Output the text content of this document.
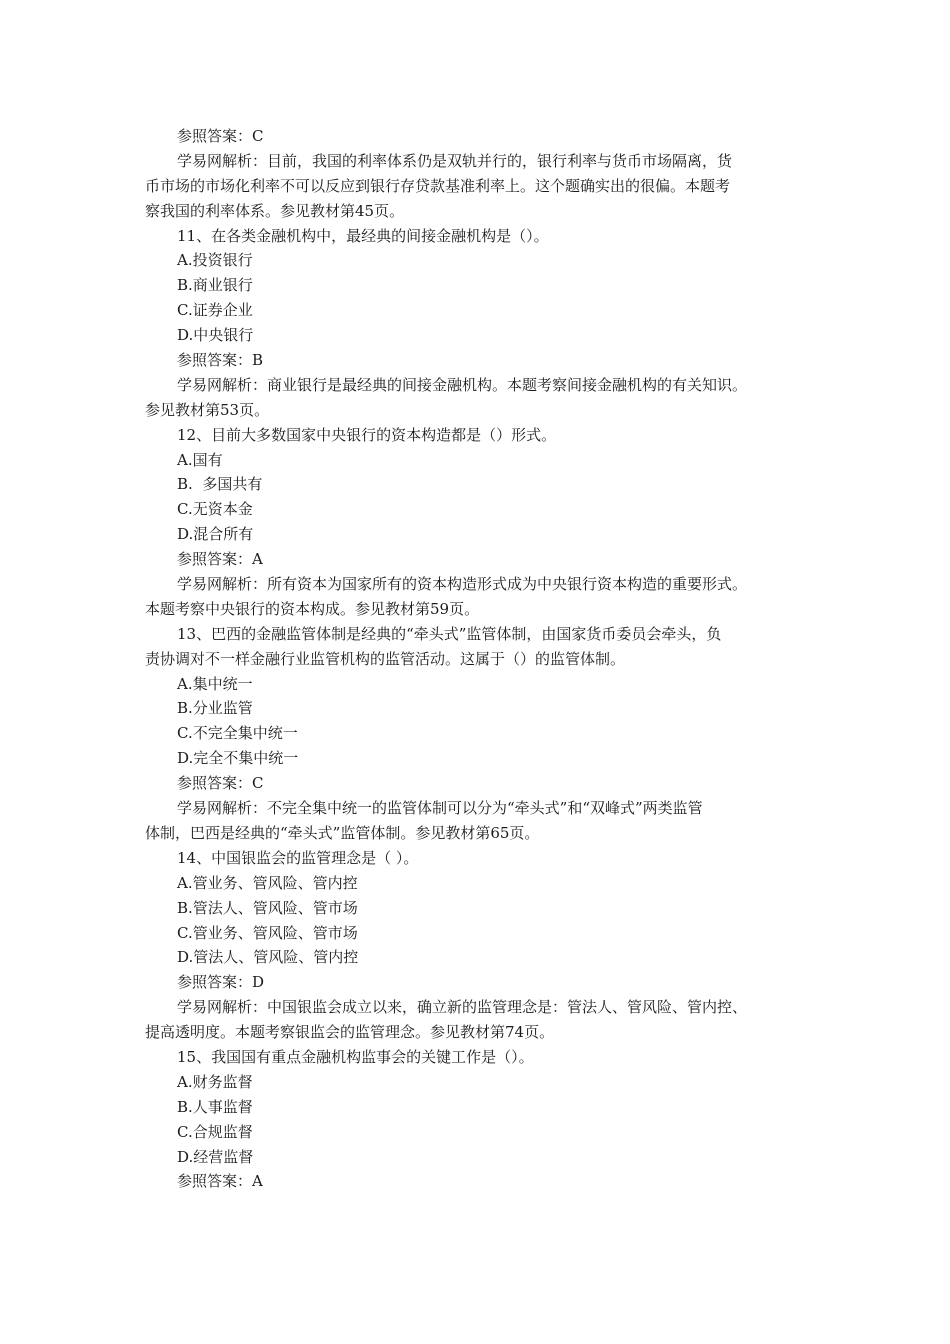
参照答案：C
学易网解析：目前，我国的利率体系仍是双轨并行的，银行利率与货币市场隔离，货
币市场的市场化利率不可以反应到银行存贷款基准利率上。这个题确实出的很偏。本题考
察我国的利率体系。参见教材第45页。
11、在各类金融机构中，最经典的间接金融机构是（）。
A.投资银行
B.商业银行
C.证券企业
D.中央银行
参照答案：B
学易网解析：商业银行是最经典的间接金融机构。本题考察间接金融机构的有关知识。
参见教材第53页。
12、目前大多数国家中央银行的资本构造都是（）形式。
A.国有
B.  多国共有
C.无资本金
D.混合所有
参照答案：A
学易网解析：所有资本为国家所有的资本构造形式成为中央银行资本构造的重要形式。
本题考察中央银行的资本构成。参见教材第59页。
13、巴西的金融监管体制是经典的“牵头式”监管体制，由国家货币委员会牵头，负
责协调对不一样金融行业监管机构的监管活动。这属于（）的监管体制。
A.集中统一
B.分业监管
C.不完全集中统一
D.完全不集中统一
参照答案：C
学易网解析：不完全集中统一的监管体制可以分为“牵头式”和“双峰式”两类监管
体制，巴西是经典的“牵头式”监管体制。参见教材第65页。
14、中国银监会的监管理念是（ ）。
A.管业务、管风险、管内控
B.管法人、管风险、管市场
C.管业务、管风险、管市场
D.管法人、管风险、管内控
参照答案：D
学易网解析：中国银监会成立以来，确立新的监管理念是：管法人、管风险、管内控、
提高透明度。本题考察银监会的监管理念。参见教材第74页。
15、我国国有重点金融机构监事会的关键工作是（）。
A.财务监督
B.人事监督
C.合规监督
D.经营监督
参照答案：A
